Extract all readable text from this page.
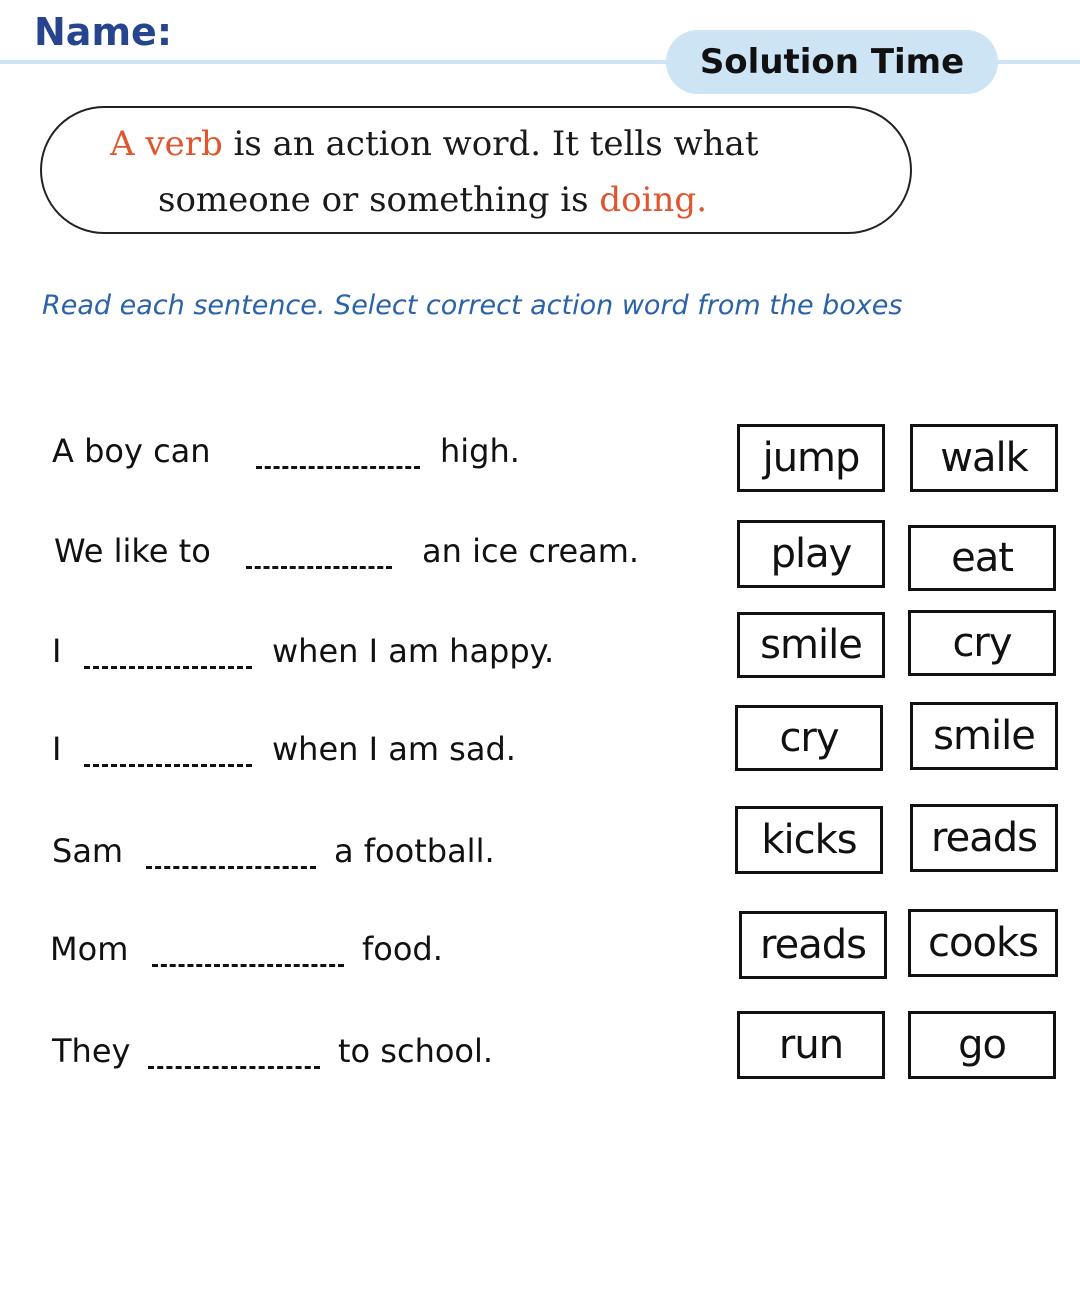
Name:
Solution Time
A verb is an action word. It tells what
someone or something is doing.
Read each sentence. Select correct action word from the boxes
A boy can	high.	jump	walk
We like to	an ice cream.	play	eat
I	when I am happy.	smile	cry
I	when I am sad.	cry	smile
Sam	a football.	kicks	reads
Mom	food.	reads	cooks
They	to school.	run	go
